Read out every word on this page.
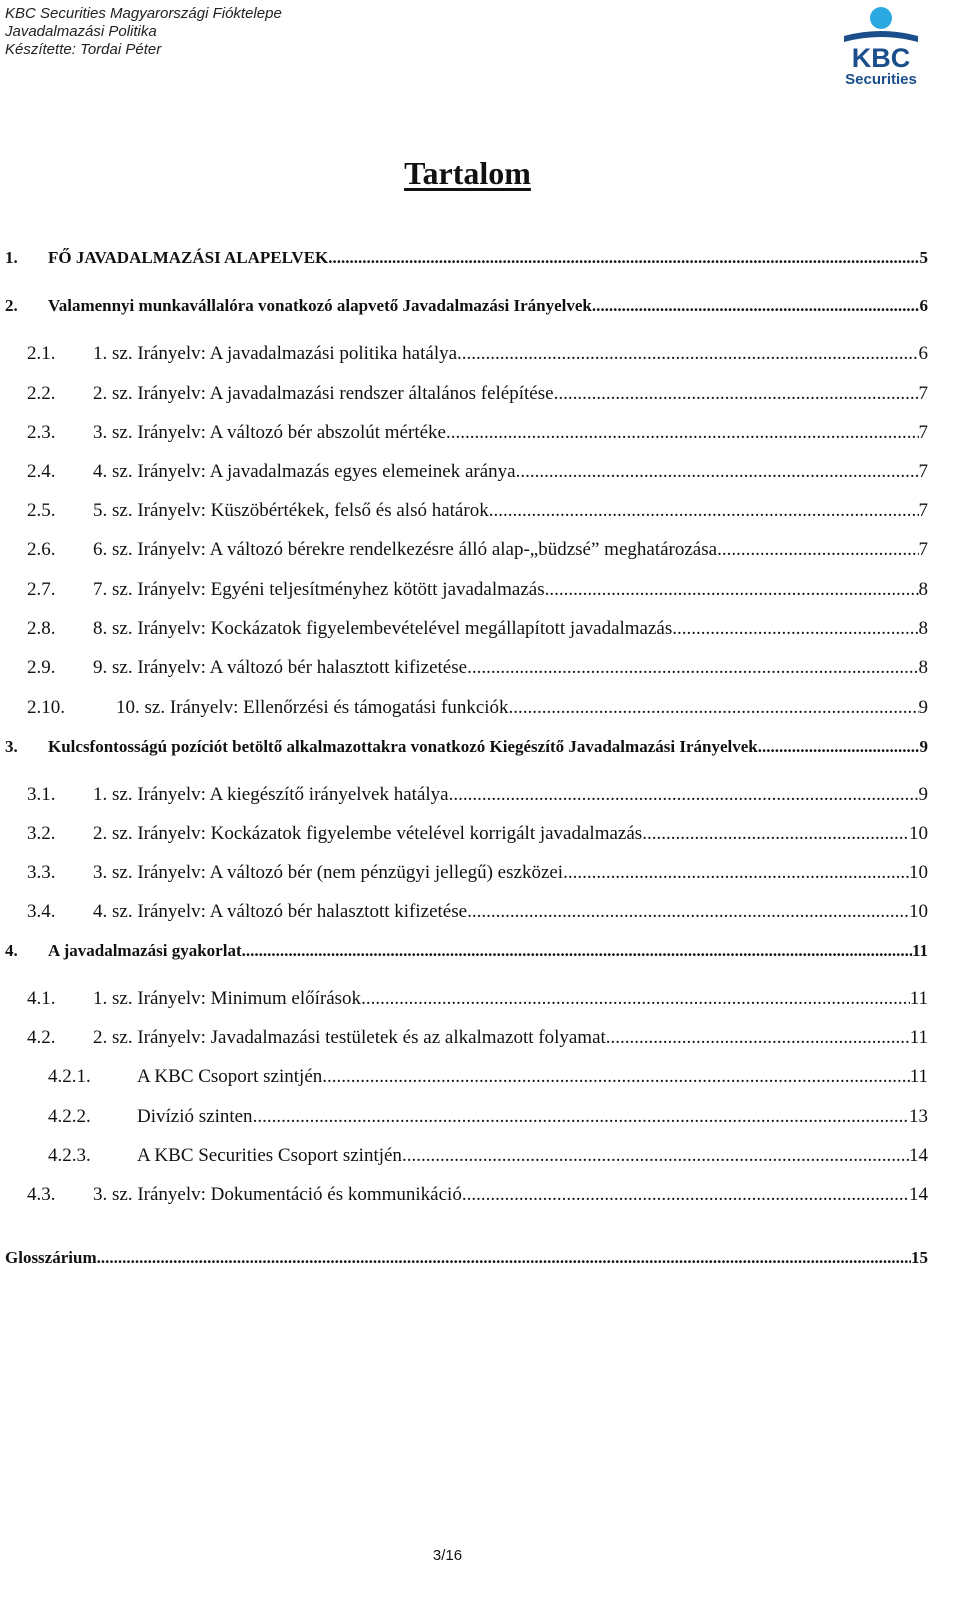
KBC Securities Magyarországi Fióktelepe
Javadalmazási Politika
Készítette: Tordai Péter	KBC
Securities
Tartalom
1. FŐ JAVADALMAZÁSI ALAPELVEK .....	5
2. Valamennyi munkavállalóra vonatkozó alapvető Javadalmazási Irányelvek .....	6
2.1. 1. sz. Irányelv: A javadalmazási politika hatálya .....	6
2.2. 2. sz. Irányelv: A javadalmazási rendszer általános felépítése .....	7
2.3. 3. sz. Irányelv: A változó bér abszolút mértéke .....	7
2.4. 4. sz. Irányelv: A javadalmazás egyes elemeinek aránya .....	7
2.5. 5. sz. Irányelv: Küszöbértékek, felső és alsó határok .....	7
2.6. 6. sz. Irányelv: A változó bérekre rendelkezésre álló alap-„büdzsé” meghatározása .....	7
2.7. 7. sz. Irányelv: Egyéni teljesítményhez kötött javadalmazás .....	8
2.8. 8. sz. Irányelv: Kockázatok figyelembevételével megállapított javadalmazás .....	8
2.9. 9. sz. Irányelv: A változó bér halasztott kifizetése .....	8
2.10.	10. sz. Irányelv: Ellenőrzési és támogatási funkciók .....	9
3. Kulcsfontosságú pozíciót betöltő alkalmazottakra vonatkozó Kiegészítő Javadalmazási Irányelvek .....	9
3.1. 1. sz. Irányelv: A kiegészítő irányelvek hatálya .....	9
3.2. 2. sz. Irányelv: Kockázatok figyelembe vételével korrigált javadalmazás .....	10
3.3. 3. sz. Irányelv: A változó bér (nem pénzügyi jellegű) eszközei .....	10
3.4. 4. sz. Irányelv: A változó bér halasztott kifizetése .....	10
4. A javadalmazási gyakorlat .....	11
4.1. 1. sz. Irányelv: Minimum előírások .....	11
4.2. 2. sz. Irányelv: Javadalmazási testületek és az alkalmazott folyamat .....	11
4.2.1. A KBC Csoport szintjén .....	11
4.2.2. Divízió szinten .....	13
4.2.3. A KBC Securities Csoport szintjén .....	14
4.3. 3. sz. Irányelv: Dokumentáció és kommunikáció .....	14
Glosszárium .....	15
3/16
